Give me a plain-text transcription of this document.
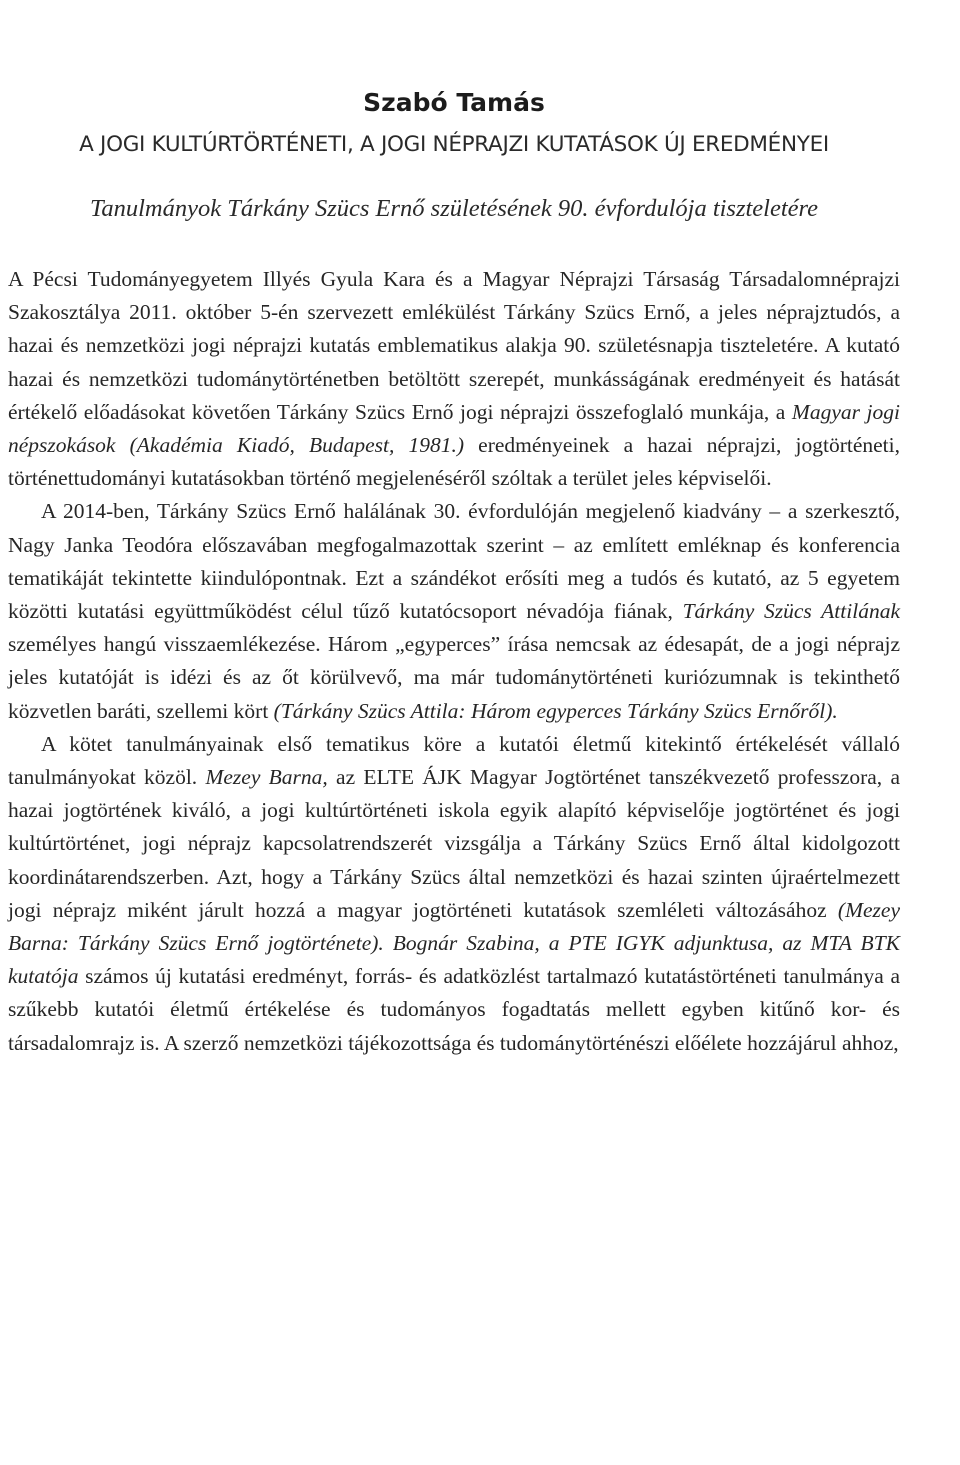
Szabó Tamás
A JOGI KULTÚRTÖRTÉNETI, A JOGI NÉPRAJZI KUTATÁSOK ÚJ EREDMÉNYEI
Tanulmányok Tárkány Szücs Ernő születésének 90. évfordulója tiszteletére

A Pécsi Tudományegyetem Illyés Gyula Kara és a Magyar Néprajzi Társaság Társadalomnéprajzi Szakosztálya 2011. október 5-én szervezett emlékülést Tárkány Szücs Ernő, a jeles néprajztudós, a hazai és nemzetközi jogi néprajzi kutatás emblematikus alakja 90. születésnapja tiszteletére. A kutató hazai és nemzetközi tudománytörténetben betöltött szerepét, munkásságának eredményeit és hatását értékelő előadásokat követően Tárkány Szücs Ernő jogi néprajzi összefoglaló munkája, a Magyar jogi népszokások (Akadémia Kiadó, Budapest, 1981.) eredményeinek a hazai néprajzi, jogtörténeti, történettudományi kutatásokban történő megjelenéséről szóltak a terület jeles képviselői.

A 2014-ben, Tárkány Szücs Ernő halálának 30. évfordulóján megjelenő kiadvány – a szerkesztő, Nagy Janka Teodóra előszavában megfogalmazottak szerint – az említett emléknap és konferencia tematikáját tekintette kiindulópontnak. Ezt a szándékot erősíti meg a tudós és kutató, az 5 egyetem közötti kutatási együttműködést célul tűző kutatócsoport névadója fiának, Tárkány Szücs Attilának személyes hangú visszaemlékezése. Három „egyperces” írása nemcsak az édesapát, de a jogi néprajz jeles kutatóját is idézi és az őt körülvevő, ma már tudománytörténeti kuriózumnak is tekinthető közvetlen baráti, szellemi kört (Tárkány Szücs Attila: Három egyperces Tárkány Szücs Ernőről).

A kötet tanulmányainak első tematikus köre a kutatói életmű kitekintő értékelését vállaló tanulmányokat közöl. Mezey Barna, az ELTE ÁJK Magyar Jogtörténet tanszékvezető professzora, a hazai jogtörtének kiváló, a jogi kultúrtörténeti iskola egyik alapító képviselője jogtörténet és jogi kultúrtörténet, jogi néprajz kapcsolatrendszerét vizsgálja a Tárkány Szücs Ernő által kidolgozott koordinátarendszerben. Azt, hogy a Tárkány Szücs által nemzetközi és hazai szinten újraértelmezett jogi néprajz miként járult hozzá a magyar jogtörténeti kutatások szemléleti változásához (Mezey Barna: Tárkány Szücs Ernő jogtörténete). Bognár Szabina, a PTE IGYK adjunktusa, az MTA BTK kutatója számos új kutatási eredményt, forrás- és adatközlést tartalmazó kutatástörténeti tanulmánya a szűkebb kutatói életmű értékelése és tudományos fogadtatás mellett egyben kitűnő kor- és társadalomrajz is. A szerző nemzetközi tájékozottsága és tudománytörténészi előélete hozzájárul ahhoz,
